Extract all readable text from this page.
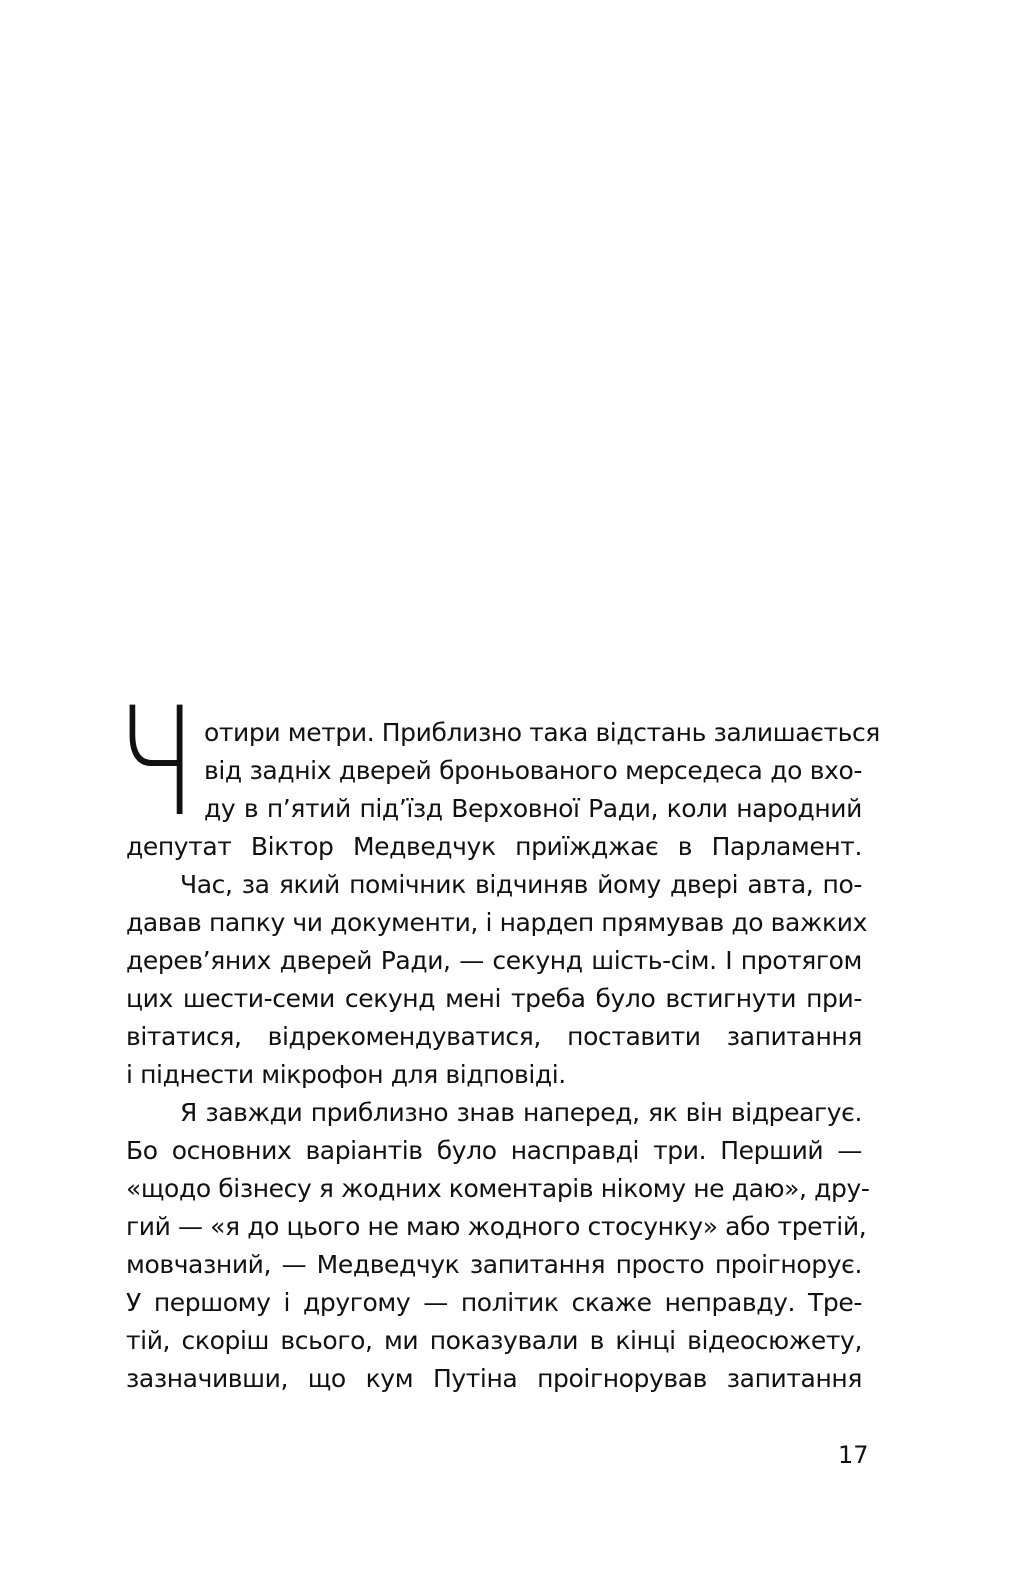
Ч отири метри. Приблизно така відстань залишається
від задніх дверей броньованого мерседеса до вхо-
ду в п’ятий під’їзд Верховної Ради, коли народний
депутат Віктор Медведчук приїжджає в Парламент.
Час, за який помічник відчиняв йому двері авта, по-
давав папку чи документи, і нардеп прямував до важких
дерев’яних дверей Ради, — секунд шість-сім. І протягом
цих шести-семи секунд мені треба було встигнути при-
вітатися, відрекомендуватися, поставити запитання
і піднести мікрофон для відповіді.
Я завжди приблизно знав наперед, як він відреагує.
Бо основних варіантів було насправді три. Перший —
«щодо бізнесу я жодних коментарів нікому не даю», дру-
гий — «я до цього не маю жодного стосунку» або третій,
мовчазний, — Медведчук запитання просто проігнорує.
У першому і другому — політик скаже неправду. Тре-
тій, скоріш всього, ми показували в кінці відеосюжету,
зазначивши, що кум Путіна проігнорував запитання
17
